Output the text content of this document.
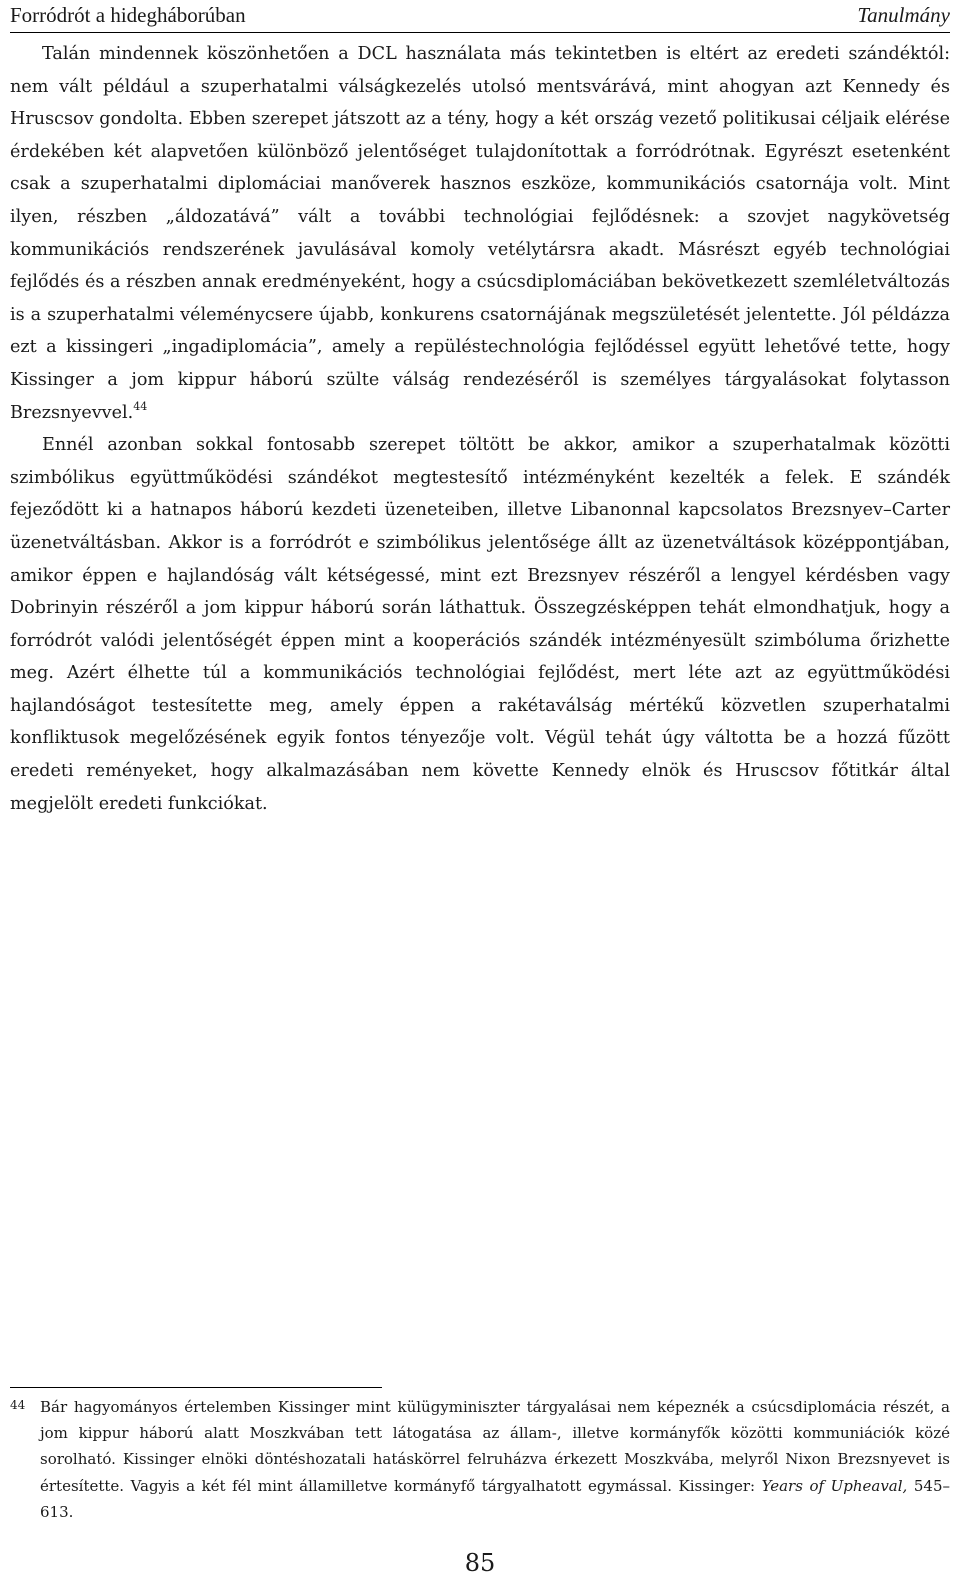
Forródrót a hidegháborúban	Tanulmány

Talán mindennek köszönhetően a DCL használata más tekintetben is eltért az eredeti szándéktól: nem vált például a szuperhatalmi válságkezelés utolsó mentsvárává, mint ahogyan azt Kennedy és Hruscsov gondolta. Ebben szerepet játszott az a tény, hogy a két ország vezető politikusai céljaik elérése érdekében két alapvetően különböző jelentőséget tulajdonítottak a forródrótnak. Egyrészt esetenként csak a szuperhatalmi diplomáciai manőverek hasznos eszköze, kommunikációs csatornája volt. Mint ilyen, részben „áldozatává” vált a további technológiai fejlődésnek: a szovjet nagykövetség kommunikációs rendszerének javulásával komoly vetélytársra akadt. Másrészt egyéb technológiai fejlődés és a részben annak eredményeként, hogy a csúcsdiplomáciában bekövetkezett szemléletváltozás is a szuperhatalmi véleménycsere újabb, konkurens csatornájának megszületését jelentette. Jól példázza ezt a kissingeri „ingadiplomácia”, amely a repüléstechnológia fejlődéssel együtt lehetővé tette, hogy Kissinger a jom kippur háború szülte válság rendezéséről is személyes tárgyalásokat folytasson Brezsnyevvel.$^{44}$

Ennél azonban sokkal fontosabb szerepet töltött be akkor, amikor a szuperhatalmak közötti szimbólikus együttműködési szándékot megtestesítő intézményként kezelték a felek. E szándék fejeződött ki a hatnapos háború kezdeti üzeneteiben, illetve Libanonnal kapcsolatos Brezsnyev–Carter üzenetváltásban. Akkor is a forródrót e szimbólikus jelentősége állt az üzenetváltások középpontjában, amikor éppen e hajlandóság vált kétségessé, mint ezt Brezsnyev részéről a lengyel kérdésben vagy Dobrinyin részéről a jom kippur háború során láthattuk. Összegzésképpen tehát elmondhatjuk, hogy a forródrót valódi jelentőségét éppen mint a kooperációs szándék intézményesült szimbóluma őrizhette meg. Azért élhette túl a kommunikációs technológiai fejlődést, mert léte azt az együttműködési hajlandóságot testesítette meg, amely éppen a rakétaválság mértékű közvetlen szuperhatalmi konfliktusok megelőzésének egyik fontos tényezője volt. Végül tehát úgy váltotta be a hozzá fűzött eredeti reményeket, hogy alkalmazásában nem követte Kennedy elnök és Hruscsov főtitkár által megjelölt eredeti funkciókat.

44 Bár hagyományos értelemben Kissinger mint külügyminiszter tárgyalásai nem képeznék a csúcsdiplomácia részét, a jom kippur háború alatt Moszkvában tett látogatása az állam-, illetve kormányfők közötti kommuniációk közé sorolható. Kissinger elnöki döntéshozatali hatáskörrel felruházva érkezett Moszkvába, melyről Nixon Brezsnyevet is értesítette. Vagyis a két fél mint államilletve kormányfő tárgyalhatott egymással. Kissinger: Years of Upheaval, 545–613.

85
